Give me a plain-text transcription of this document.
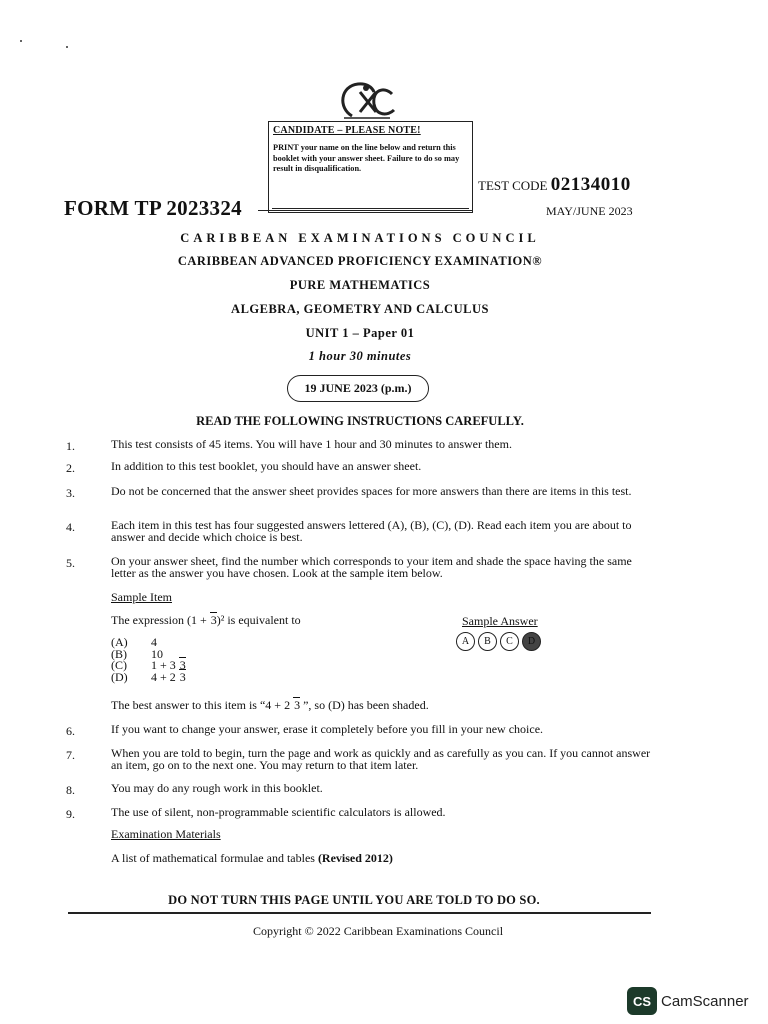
CANDIDATE – PLEASE NOTE!
PRINT your name on the line below and return this booklet with your answer sheet. Failure to do so may result in disqualification.
FORM TP 2023324
TEST CODE 02134010
MAY/JUNE 2023
CARIBBEAN EXAMINATIONS COUNCIL
CARIBBEAN ADVANCED PROFICIENCY EXAMINATION®
PURE MATHEMATICS
ALGEBRA, GEOMETRY AND CALCULUS
UNIT 1 – Paper 01
1 hour 30 minutes
19 JUNE 2023 (p.m.)
READ THE FOLLOWING INSTRUCTIONS CAREFULLY.
1.	This test consists of 45 items. You will have 1 hour and 30 minutes to answer them.
2.	In addition to this test booklet, you should have an answer sheet.
3.	Do not be concerned that the answer sheet provides spaces for more answers than there are items in this test.
4.	Each item in this test has four suggested answers lettered (A), (B), (C), (D). Read each item you are about to answer and decide which choice is best.
5.	On your answer sheet, find the number which corresponds to your item and shade the space having the same letter as the answer you have chosen. Look at the sample item below.
Sample Item
The expression (1 + 3)² is equivalent to	Sample Answer
(A) 4
(B) 10
(C) 1 + 3 3
(D) 4 + 2 3
A	B	C	D
The best answer to this item is “4 + 2 3 ”, so (D) has been shaded.
6.	If you want to change your answer, erase it completely before you fill in your new choice.
7.	When you are told to begin, turn the page and work as quickly and as carefully as you can. If you cannot answer an item, go on to the next one. You may return to that item later.
8.	You may do any rough work in this booklet.
9.	The use of silent, non-programmable scientific calculators is allowed.
Examination Materials
A list of mathematical formulae and tables (Revised 2012)
DO NOT TURN THIS PAGE UNTIL YOU ARE TOLD TO DO SO.
Copyright © 2022 Caribbean Examinations Council
CS CamScanner
